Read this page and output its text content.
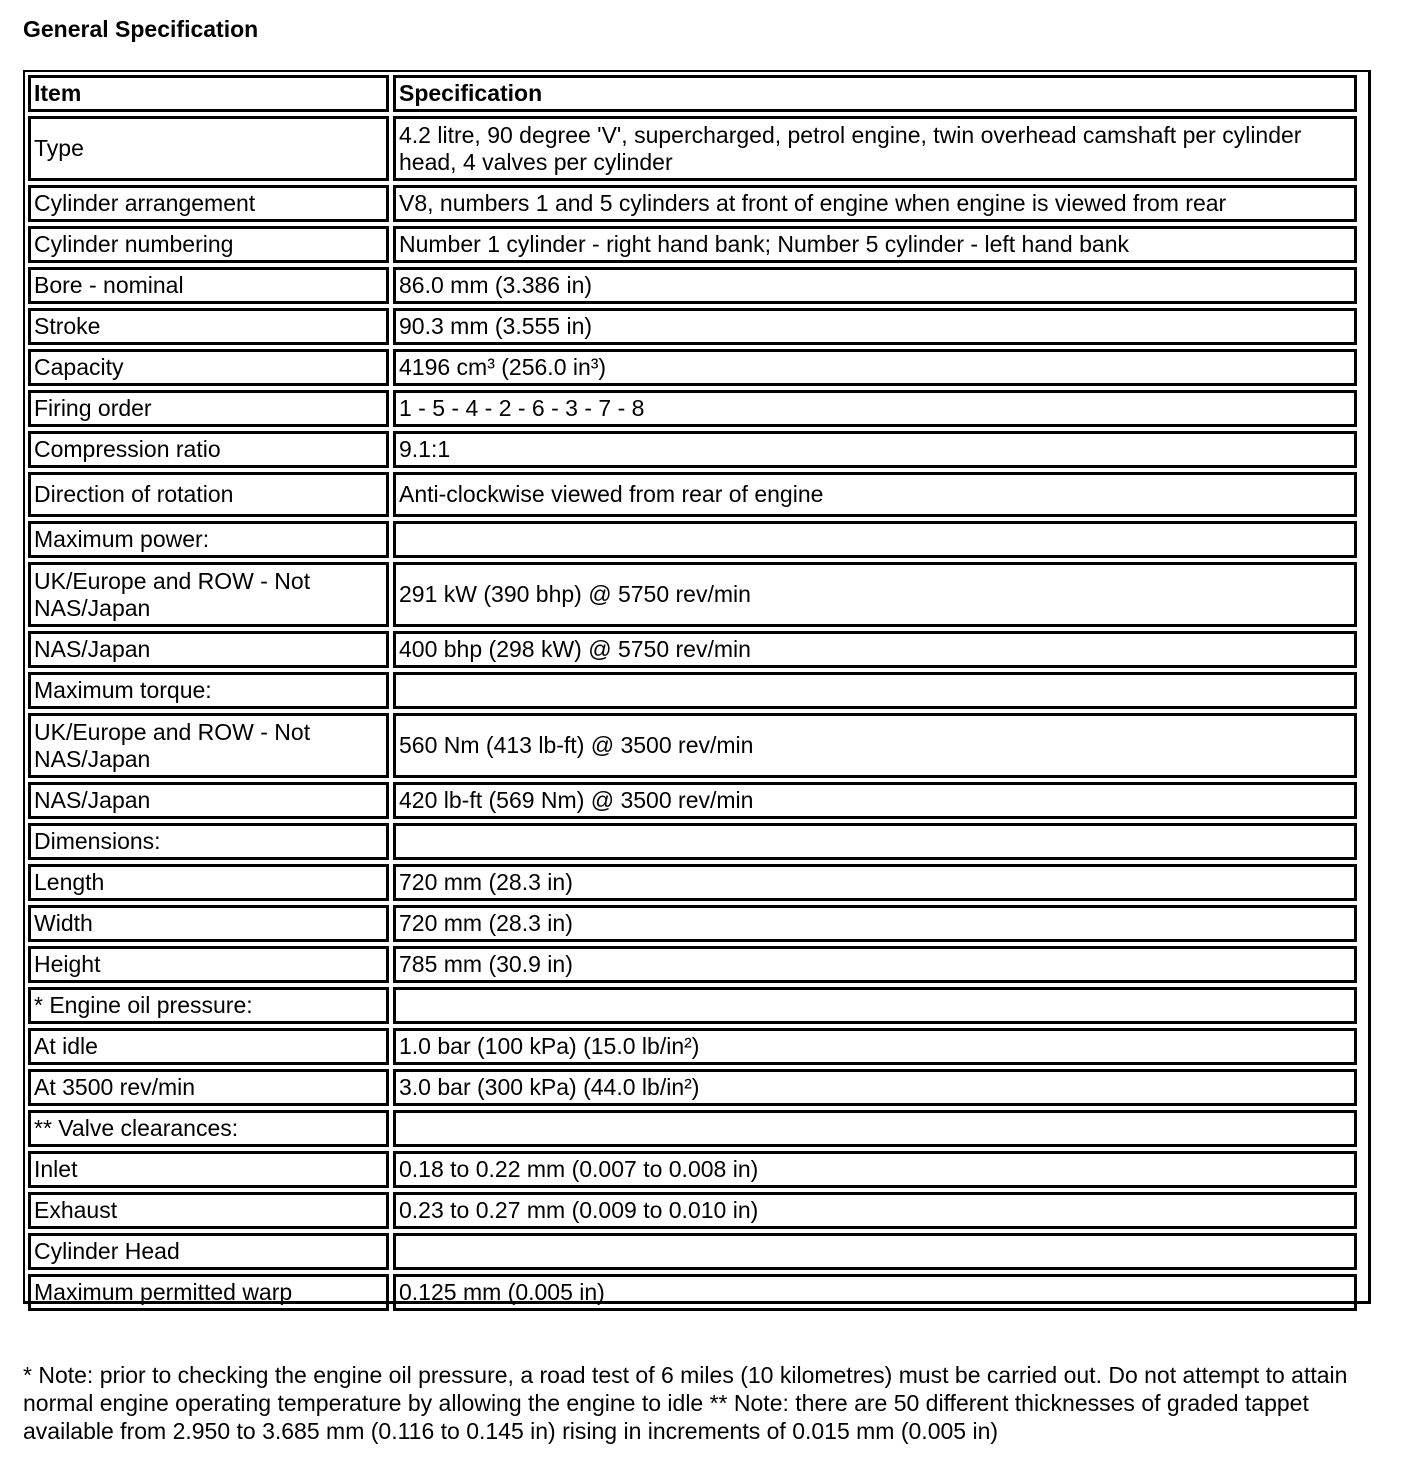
General Specification
Item	Specification
Type	4.2 litre, 90 degree 'V', supercharged, petrol engine, twin overhead camshaft per cylinder head, 4 valves per cylinder
Cylinder arrangement	V8, numbers 1 and 5 cylinders at front of engine when engine is viewed from rear
Cylinder numbering	Number 1 cylinder - right hand bank; Number 5 cylinder - left hand bank
Bore - nominal	86.0 mm (3.386 in)
Stroke	90.3 mm (3.555 in)
Capacity	4196 cm³ (256.0 in³)
Firing order	1 - 5 - 4 - 2 - 6 - 3 - 7 - 8
Compression ratio	9.1:1
Direction of rotation	Anti-clockwise viewed from rear of engine
Maximum power:	
UK/Europe and ROW - Not NAS/Japan	291 kW (390 bhp) @ 5750 rev/min
NAS/Japan	400 bhp (298 kW) @ 5750 rev/min
Maximum torque:	
UK/Europe and ROW - Not NAS/Japan	560 Nm (413 lb-ft) @ 3500 rev/min
NAS/Japan	420 lb-ft (569 Nm) @ 3500 rev/min
Dimensions:	
Length	720 mm (28.3 in)
Width	720 mm (28.3 in)
Height	785 mm (30.9 in)
* Engine oil pressure:	
At idle	1.0 bar (100 kPa) (15.0 lb/in²)
At 3500 rev/min	3.0 bar (300 kPa) (44.0 lb/in²)
** Valve clearances:	
Inlet	0.18 to 0.22 mm (0.007 to 0.008 in)
Exhaust	0.23 to 0.27 mm (0.009 to 0.010 in)
Cylinder Head	
Maximum permitted warp	0.125 mm (0.005 in)
* Note: prior to checking the engine oil pressure, a road test of 6 miles (10 kilometres) must be carried out. Do not attempt to attain normal engine operating temperature by allowing the engine to idle ** Note: there are 50 different thicknesses of graded tappet available from 2.950 to 3.685 mm (0.116 to 0.145 in) rising in increments of 0.015 mm (0.005 in)
